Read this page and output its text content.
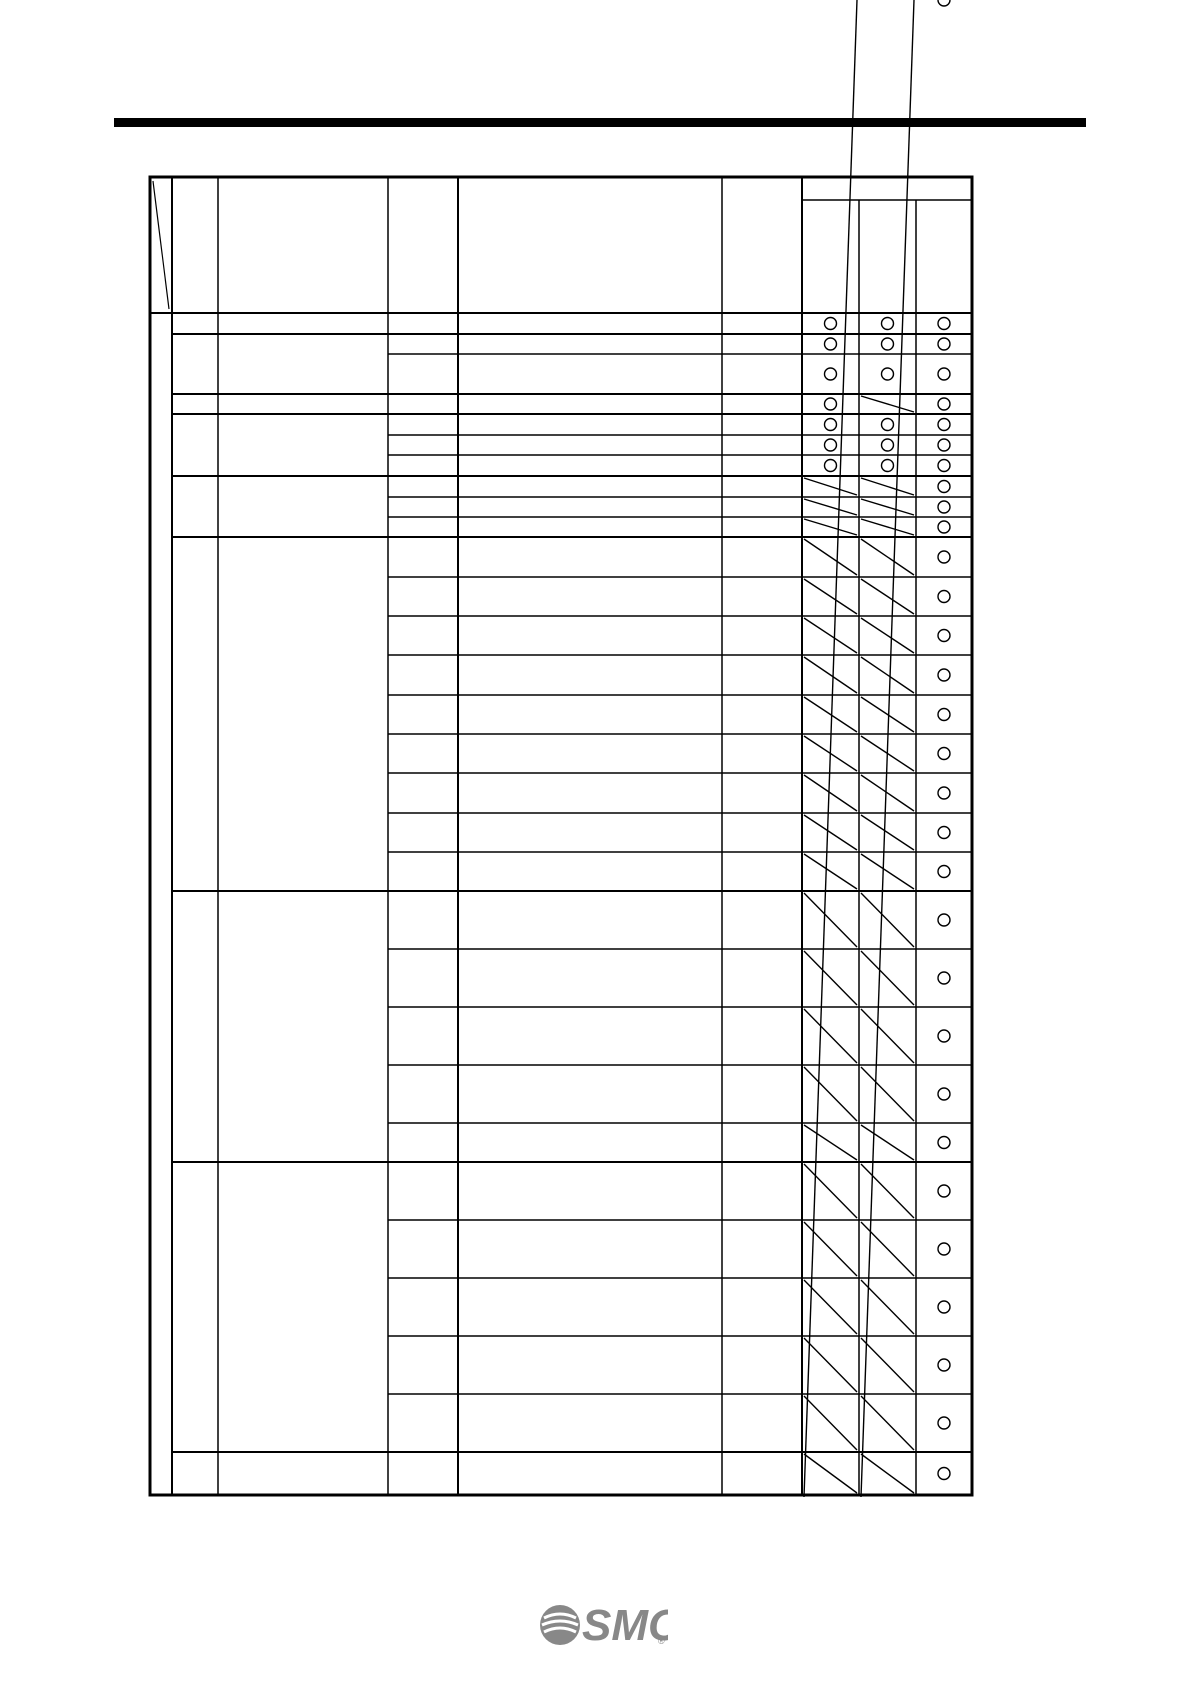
SM	®
